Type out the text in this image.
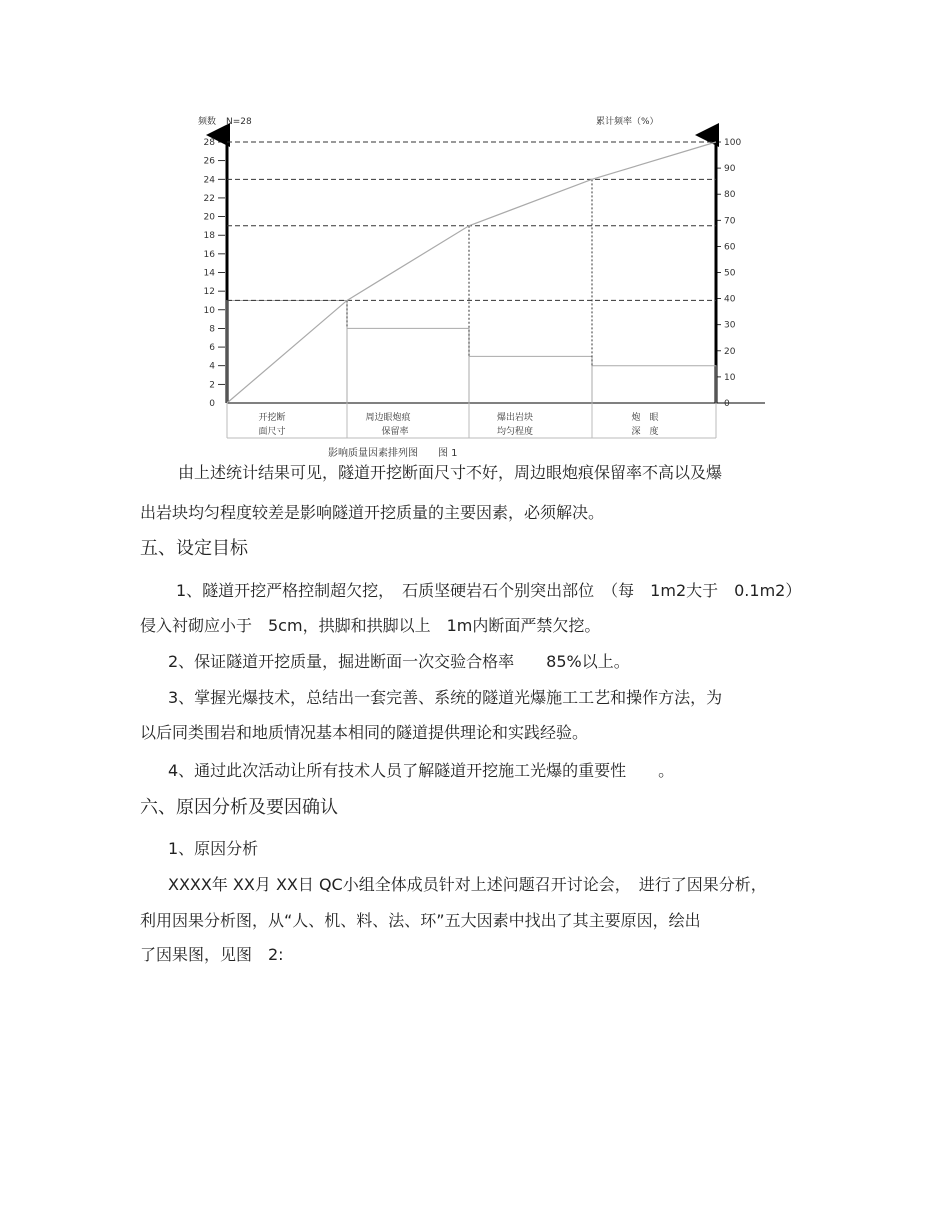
频数 N=28	累计频率（%）
28
26
24
22
20
18
16
14
12
10
8
6
4
2
0
100
90
80
70
60
50
40
30
20
10
0
开挖断
面尺寸
周边眼炮痕
保留率
爆出岩块
均匀程度
炮　眼
深　度
影响质量因素排列图　　图 1
由上述统计结果可见，隧道开挖断面尺寸不好，周边眼炮痕保留率不高以及爆
出岩块均匀程度较差是影响隧道开挖质量的主要因素，必须解决。
五、设定目标
1、隧道开挖严格控制超欠挖，　石质坚硬岩石个别突出部位　（每　1m2大于　0.1m2）
侵入衬砌应小于　5cm，拱脚和拱脚以上　1m内断面严禁欠挖。
2、保证隧道开挖质量，掘进断面一次交验合格率　　85%以上。
3、掌握光爆技术，总结出一套完善、系统的隧道光爆施工工艺和操作方法，为
以后同类围岩和地质情况基本相同的隧道提供理论和实践经验。
4、通过此次活动让所有技术人员了解隧道开挖施工光爆的重要性　　。
六、原因分析及要因确认
1、原因分析
XXXX年 XX月 XX日 QC小组全体成员针对上述问题召开讨论会，　进行了因果分析，
利用因果分析图，从“人、机、料、法、环”五大因素中找出了其主要原因，绘出
了因果图，见图　2:
